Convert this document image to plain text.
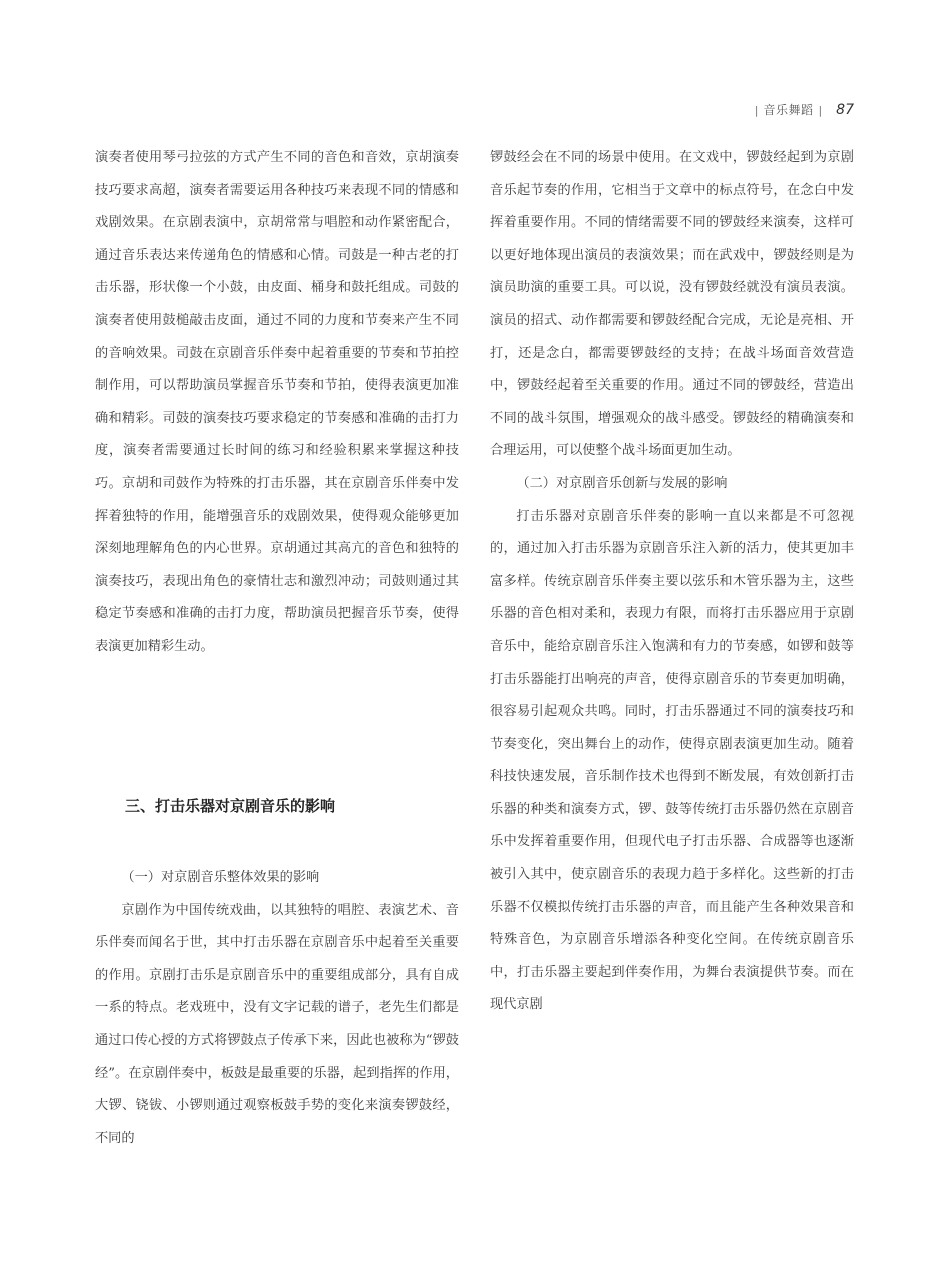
| 音乐舞蹈 | 87

演奏者使用琴弓拉弦的方式产生不同的音色和音效，京胡演奏技巧要求高超，演奏者需要运用各种技巧来表现不同的情感和戏剧效果。在京剧表演中，京胡常常与唱腔和动作紧密配合，通过音乐表达来传递角色的情感和心情。司鼓是一种古老的打击乐器，形状像一个小鼓，由皮面、桶身和鼓托组成。司鼓的演奏者使用鼓槌敲击皮面，通过不同的力度和节奏来产生不同的音响效果。司鼓在京剧音乐伴奏中起着重要的节奏和节拍控制作用，可以帮助演员掌握音乐节奏和节拍，使得表演更加准确和精彩。司鼓的演奏技巧要求稳定的节奏感和准确的击打力度，演奏者需要通过长时间的练习和经验积累来掌握这种技巧。京胡和司鼓作为特殊的打击乐器，其在京剧音乐伴奏中发挥着独特的作用，能增强音乐的戏剧效果，使得观众能够更加深刻地理解角色的内心世界。京胡通过其高亢的音色和独特的演奏技巧，表现出角色的豪情壮志和激烈冲动；司鼓则通过其稳定节奏感和准确的击打力度，帮助演员把握音乐节奏，使得表演更加精彩生动。

三、打击乐器对京剧音乐的影响

（一）对京剧音乐整体效果的影响

京剧作为中国传统戏曲，以其独特的唱腔、表演艺术、音乐伴奏而闻名于世，其中打击乐器在京剧音乐中起着至关重要的作用。京剧打击乐是京剧音乐中的重要组成部分，具有自成一系的特点。老戏班中，没有文字记载的谱子，老先生们都是通过口传心授的方式将锣鼓点子传承下来，因此也被称为“锣鼓经”。在京剧伴奏中，板鼓是最重要的乐器，起到指挥的作用，大锣、铙钹、小锣则通过观察板鼓手势的变化来演奏锣鼓经，不同的

锣鼓经会在不同的场景中使用。在文戏中，锣鼓经起到为京剧音乐起节奏的作用，它相当于文章中的标点符号，在念白中发挥着重要作用。不同的情绪需要不同的锣鼓经来演奏，这样可以更好地体现出演员的表演效果；而在武戏中，锣鼓经则是为演员助演的重要工具。可以说，没有锣鼓经就没有演员表演。演员的招式、动作都需要和锣鼓经配合完成，无论是亮相、开打，还是念白，都需要锣鼓经的支持；在战斗场面音效营造中，锣鼓经起着至关重要的作用。通过不同的锣鼓经，营造出不同的战斗氛围，增强观众的战斗感受。锣鼓经的精确演奏和合理运用，可以使整个战斗场面更加生动。

（二）对京剧音乐创新与发展的影响

打击乐器对京剧音乐伴奏的影响一直以来都是不可忽视的，通过加入打击乐器为京剧音乐注入新的活力，使其更加丰富多样。传统京剧音乐伴奏主要以弦乐和木管乐器为主，这些乐器的音色相对柔和，表现力有限，而将打击乐器应用于京剧音乐中，能给京剧音乐注入饱满和有力的节奏感，如锣和鼓等打击乐器能打出响亮的声音，使得京剧音乐的节奏更加明确，很容易引起观众共鸣。同时，打击乐器通过不同的演奏技巧和节奏变化，突出舞台上的动作，使得京剧表演更加生动。随着科技快速发展，音乐制作技术也得到不断发展，有效创新打击乐器的种类和演奏方式，锣、鼓等传统打击乐器仍然在京剧音乐中发挥着重要作用，但现代电子打击乐器、合成器等也逐渐被引入其中，使京剧音乐的表现力趋于多样化。这些新的打击乐器不仅模拟传统打击乐器的声音，而且能产生各种效果音和特殊音色，为京剧音乐增添各种变化空间。在传统京剧音乐中，打击乐器主要起到伴奏作用，为舞台表演提供节奏。而在现代京剧
